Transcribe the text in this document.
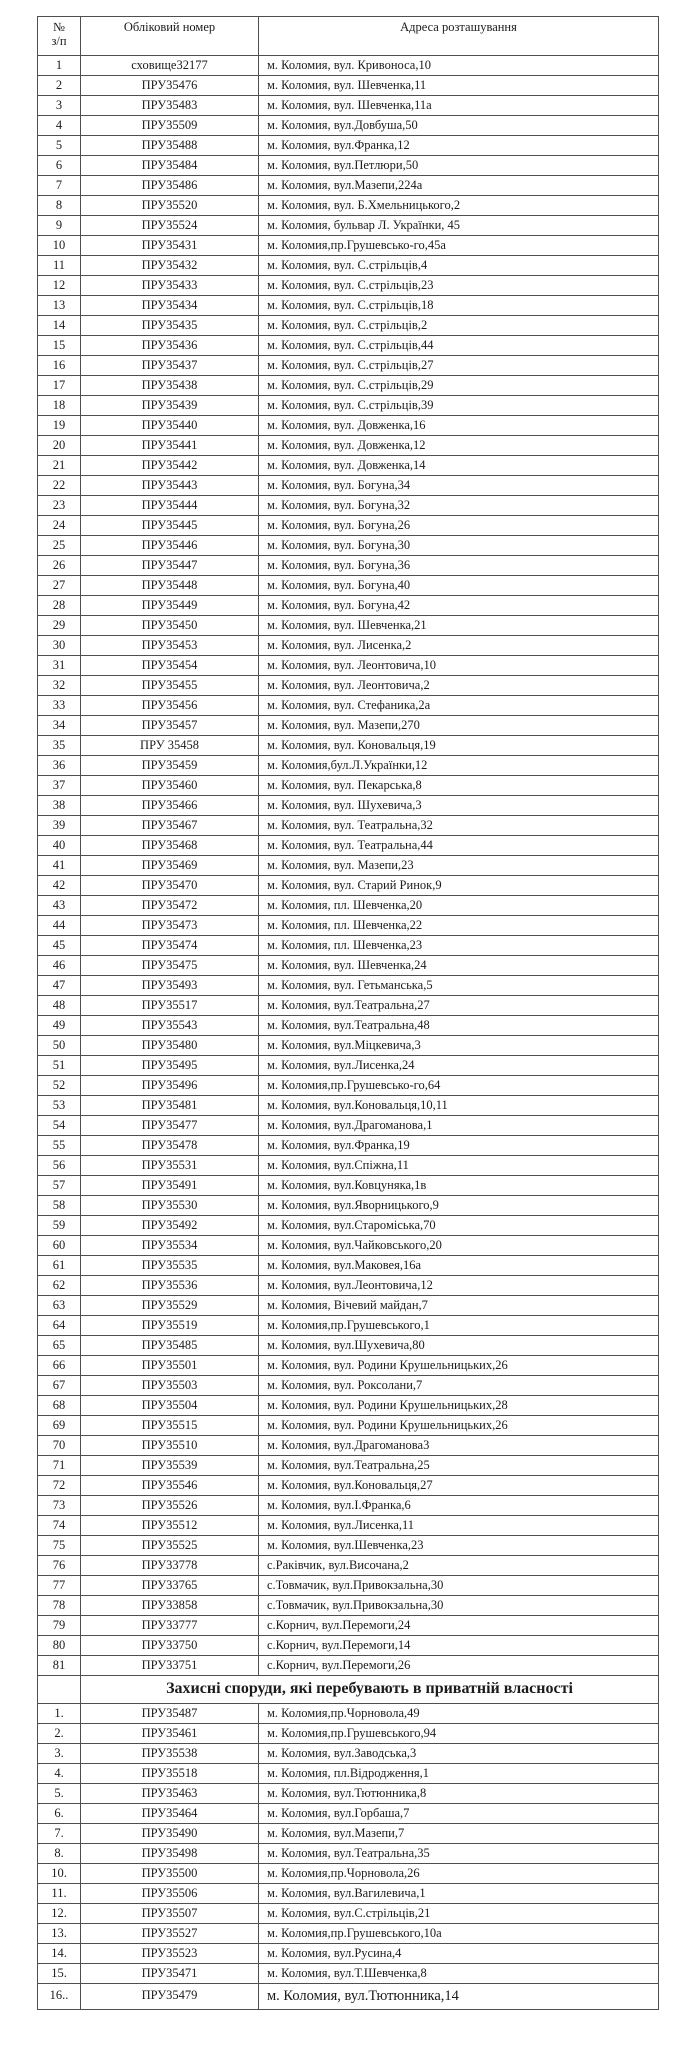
№
з/п	Обліковий номер	Адреса розташування
1	сховище32177	м. Коломия, вул. Кривоноса,10
2	ПРУ35476	м. Коломия, вул. Шевченка,11
3	ПРУ35483	м. Коломия, вул. Шевченка,11а
4	ПРУ35509	м. Коломия, вул.Довбуша,50
5	ПРУ35488	м. Коломия, вул.Франка,12
6	ПРУ35484	м. Коломия, вул.Петлюри,50
7	ПРУ35486	м. Коломия, вул.Мазепи,224а
8	ПРУ35520	м. Коломия, вул. Б.Хмельницького,2
9	ПРУ35524	м. Коломия, бульвар Л. Українки, 45
10	ПРУ35431	м. Коломия,пр.Грушевсько-го,45а
11	ПРУ35432	м. Коломия, вул. С.стрільців,4
12	ПРУ35433	м. Коломия, вул. С.стрільців,23
13	ПРУ35434	м. Коломия, вул. С.стрільців,18
14	ПРУ35435	м. Коломия, вул. С.стрільців,2
15	ПРУ35436	м. Коломия, вул. С.стрільців,44
16	ПРУ35437	м. Коломия, вул. С.стрільців,27
17	ПРУ35438	м. Коломия, вул. С.стрільців,29
18	ПРУ35439	м. Коломия, вул. С.стрільців,39
19	ПРУ35440	м. Коломия, вул. Довженка,16
20	ПРУ35441	м. Коломия, вул. Довженка,12
21	ПРУ35442	м. Коломия, вул. Довженка,14
22	ПРУ35443	м. Коломия, вул. Богуна,34
23	ПРУ35444	м. Коломия, вул. Богуна,32
24	ПРУ35445	м. Коломия, вул. Богуна,26
25	ПРУ35446	м. Коломия, вул. Богуна,30
26	ПРУ35447	м. Коломия, вул. Богуна,36
27	ПРУ35448	м. Коломия, вул. Богуна,40
28	ПРУ35449	м. Коломия, вул. Богуна,42
29	ПРУ35450	м. Коломия, вул. Шевченка,21
30	ПРУ35453	м. Коломия, вул. Лисенка,2
31	ПРУ35454	м. Коломия, вул. Леонтовича,10
32	ПРУ35455	м. Коломия, вул. Леонтовича,2
33	ПРУ35456	м. Коломия, вул. Стефаника,2а
34	ПРУ35457	м. Коломия, вул. Мазепи,270
35	ПРУ 35458	м. Коломия, вул. Коновальця,19
36	ПРУ35459	м. Коломия,бул.Л.Українки,12
37	ПРУ35460	м. Коломия, вул. Пекарська,8
38	ПРУ35466	м. Коломия, вул. Шухевича,3
39	ПРУ35467	м. Коломия, вул. Театральна,32
40	ПРУ35468	м. Коломия, вул. Театральна,44
41	ПРУ35469	м. Коломия, вул. Мазепи,23
42	ПРУ35470	м. Коломия, вул. Старий Ринок,9
43	ПРУ35472	м. Коломия, пл. Шевченка,20
44	ПРУ35473	м. Коломия, пл. Шевченка,22
45	ПРУ35474	м. Коломия, пл. Шевченка,23
46	ПРУ35475	м. Коломия, вул. Шевченка,24
47	ПРУ35493	м. Коломия, вул. Гетьманська,5
48	ПРУ35517	м. Коломия, вул.Театральна,27
49	ПРУ35543	м. Коломия, вул.Театральна,48
50	ПРУ35480	м. Коломия, вул.Міцкевича,3
51	ПРУ35495	м. Коломия, вул.Лисенка,24
52	ПРУ35496	м. Коломия,пр.Грушевсько-го,64
53	ПРУ35481	м. Коломия, вул.Коновальця,10,11
54	ПРУ35477	м. Коломия, вул.Драгоманова,1
55	ПРУ35478	м. Коломия, вул.Франка,19
56	ПРУ35531	м. Коломия, вул.Спіжна,11
57	ПРУ35491	м. Коломия, вул.Ковцуняка,1в
58	ПРУ35530	м. Коломия, вул.Яворницького,9
59	ПРУ35492	м. Коломия, вул.Староміська,70
60	ПРУ35534	м. Коломия, вул.Чайковського,20
61	ПРУ35535	м. Коломия, вул.Маковея,16а
62	ПРУ35536	м. Коломия, вул.Леонтовича,12
63	ПРУ35529	м. Коломия, Вічевий майдан,7
64	ПРУ35519	м. Коломия,пр.Грушевського,1
65	ПРУ35485	м. Коломия, вул.Шухевича,80
66	ПРУ35501	м. Коломия, вул. Родини Крушельницьких,26
67	ПРУ35503	м. Коломия, вул. Роксолани,7
68	ПРУ35504	м. Коломия, вул. Родини Крушельницьких,28
69	ПРУ35515	м. Коломия, вул. Родини Крушельницьких,26
70	ПРУ35510	м. Коломия, вул.Драгоманова3
71	ПРУ35539	м. Коломия, вул.Театральна,25
72	ПРУ35546	м. Коломия, вул.Коновальця,27
73	ПРУ35526	м. Коломия, вул.І.Франка,6
74	ПРУ35512	м. Коломия, вул.Лисенка,11
75	ПРУ35525	м. Коломия, вул.Шевченка,23
76	ПРУ33778	с.Раківчик, вул.Височана,2
77	ПРУ33765	с.Товмачик, вул.Привокзальна,30
78	ПРУ33858	с.Товмачик, вул.Привокзальна,30
79	ПРУ33777	с.Корнич, вул.Перемоги,24
80	ПРУ33750	с.Корнич, вул.Перемоги,14
81	ПРУ33751	с.Корнич, вул.Перемоги,26
	Захисні споруди, які перебувають в приватній власності	
1.	ПРУ35487	м. Коломия,пр.Чорновола,49
2.	ПРУ35461	м. Коломия,пр.Грушевського,94
3.	ПРУ35538	м. Коломия, вул.Заводська,3
4.	ПРУ35518	м. Коломия, пл.Відродження,1
5.	ПРУ35463	м. Коломия, вул.Тютюнника,8
6.	ПРУ35464	м. Коломия, вул.Горбаша,7
7.	ПРУ35490	м. Коломия, вул.Мазепи,7
8.	ПРУ35498	м. Коломия, вул.Театральна,35
10.	ПРУ35500	м. Коломия,пр.Чорновола,26
11.	ПРУ35506	м. Коломия, вул.Вагилевича,1
12.	ПРУ35507	м. Коломия, вул.С.стрільців,21
13.	ПРУ35527	м. Коломия,пр.Грушевського,10а
14.	ПРУ35523	м. Коломия, вул.Русина,4
15.	ПРУ35471	м. Коломия, вул.Т.Шевченка,8
16..	ПРУ35479	м. Коломия, вул.Тютюнника,14
